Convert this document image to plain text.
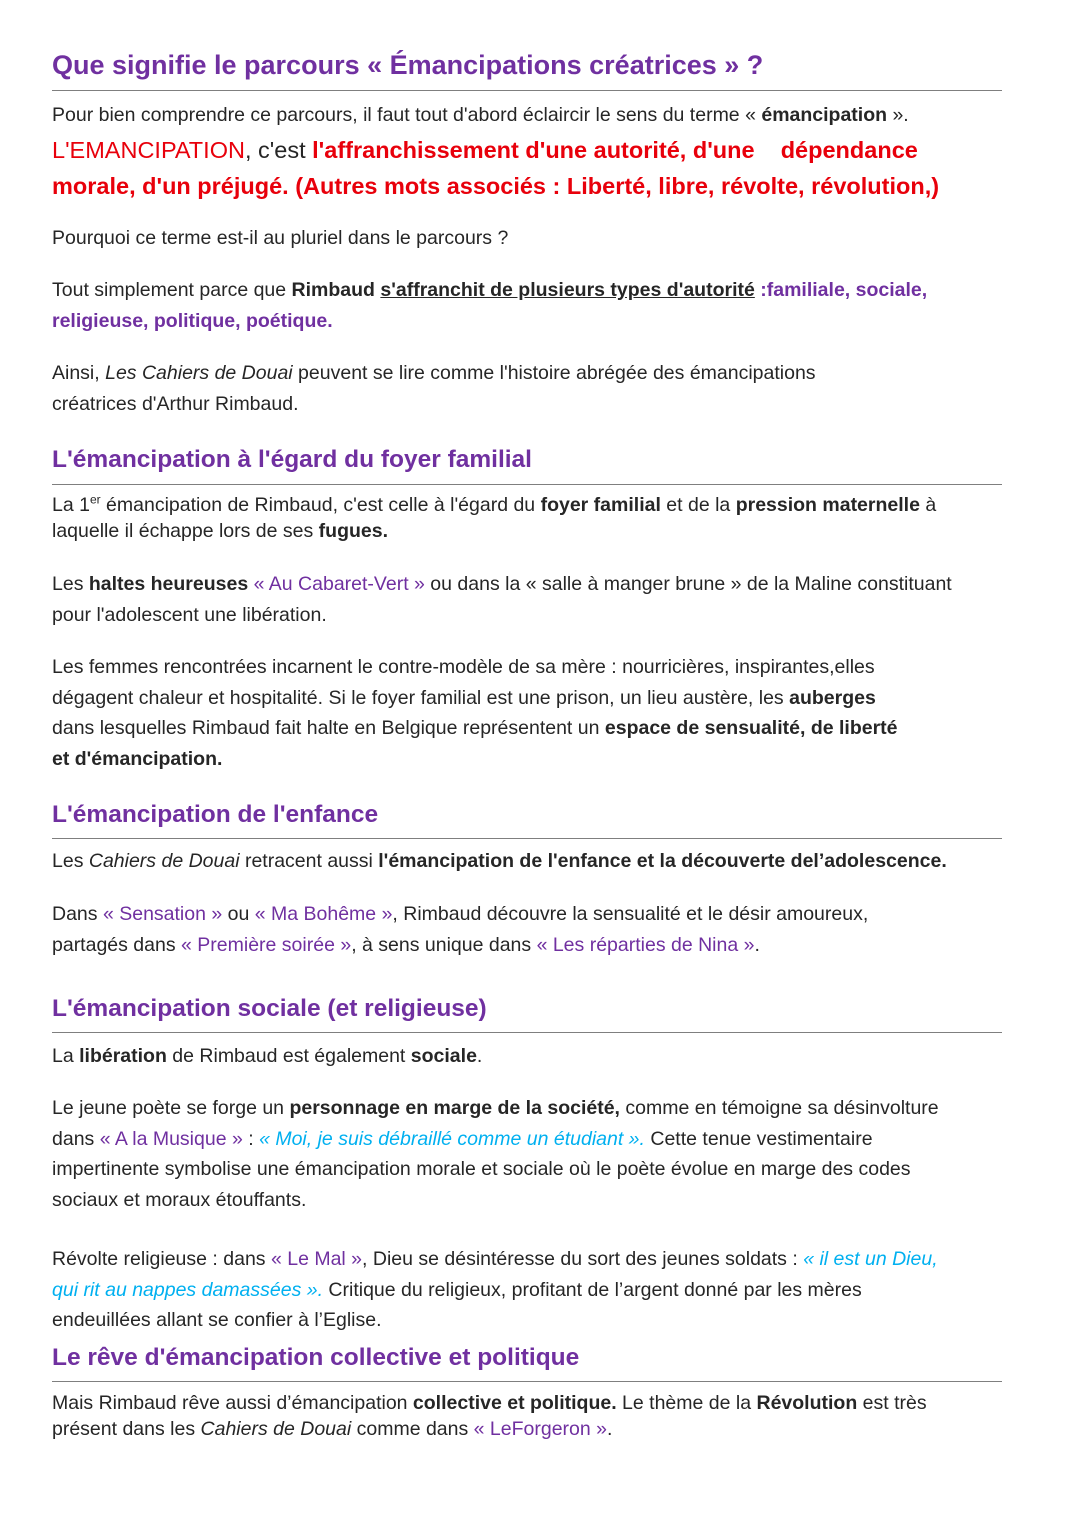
Que signifie le parcours « Émancipations créatrices » ?

Pour bien comprendre ce parcours, il faut tout d'abord éclaircir le sens du terme « émancipation ».

L'EMANCIPATION, c'est l'affranchissement d'une autorité, d'une    dépendance
morale, d'un préjugé. (Autres mots associés : Liberté, libre, révolte, révolution,)

Pourquoi ce terme est-il au pluriel dans le parcours ?

Tout simplement parce que Rimbaud s'affranchit de plusieurs types d'autorité :familiale, sociale,
religieuse, politique, poétique.

Ainsi, Les Cahiers de Douai peuvent se lire comme l'histoire abrégée des émancipations
créatrices d'Arthur Rimbaud.

L'émancipation à l'égard du foyer familial

La 1er émancipation de Rimbaud, c'est celle à l'égard du foyer familial et de la pression maternelle à
laquelle il échappe lors de ses fugues.

Les haltes heureuses « Au Cabaret-Vert » ou dans la « salle à manger brune » de la Maline constituant
pour l'adolescent une libération.

Les femmes rencontrées incarnent le contre-modèle de sa mère : nourricières, inspirantes,elles
dégagent chaleur et hospitalité. Si le foyer familial est une prison, un lieu austère, les auberges
dans lesquelles Rimbaud fait halte en Belgique représentent un espace de sensualité, de liberté
et d'émancipation.

L'émancipation de l'enfance

Les Cahiers de Douai retracent aussi l'émancipation de l'enfance et la découverte del’adolescence.

Dans « Sensation » ou « Ma Bohême », Rimbaud découvre la sensualité et le désir amoureux,
partagés dans « Première soirée », à sens unique dans « Les réparties de Nina ».

L'émancipation sociale (et religieuse)

La libération de Rimbaud est également sociale.

Le jeune poète se forge un personnage en marge de la société, comme en témoigne sa désinvolture
dans « A la Musique » : « Moi, je suis débraillé comme un étudiant ». Cette tenue vestimentaire
impertinente symbolise une émancipation morale et sociale où le poète évolue en marge des codes
sociaux et moraux étouffants.

Révolte religieuse : dans « Le Mal », Dieu se désintéresse du sort des jeunes soldats : « il est un Dieu,
qui rit au nappes damassées ». Critique du religieux, profitant de l’argent donné par les mères
endeuillées allant se confier à l’Eglise.

Le rêve d'émancipation collective et politique

Mais Rimbaud rêve aussi d’émancipation collective et politique. Le thème de la Révolution est très
présent dans les Cahiers de Douai comme dans « LeForgeron ».
